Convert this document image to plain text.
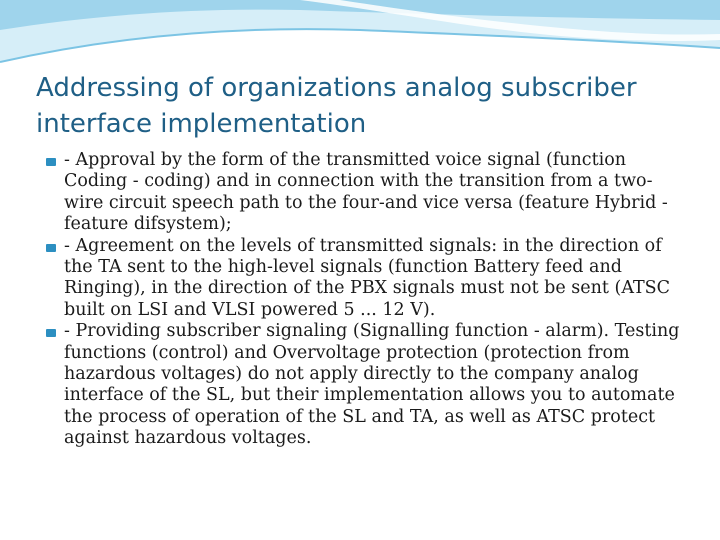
Addressing of organizations analog subscriber interface implementation
- Approval by the form of the transmitted voice signal (function Coding - coding) and in connection with the transition from a two-wire circuit speech path to the four-and vice versa (feature Hybrid - feature difsystem);
- Agreement on the levels of transmitted signals: in the direction of the TA sent to the high-level signals (function Battery feed and Ringing), in the direction of the PBX signals must not be sent (ATSC built on LSI and VLSI powered 5 ... 12 V).
- Providing subscriber signaling (Signalling function - alarm). Testing functions (control) and Overvoltage protection (protection from hazardous voltages) do not apply directly to the company analog interface of the SL, but their implementation allows you to automate the process of operation of the SL and TA, as well as ATSC protect against hazardous voltages.
